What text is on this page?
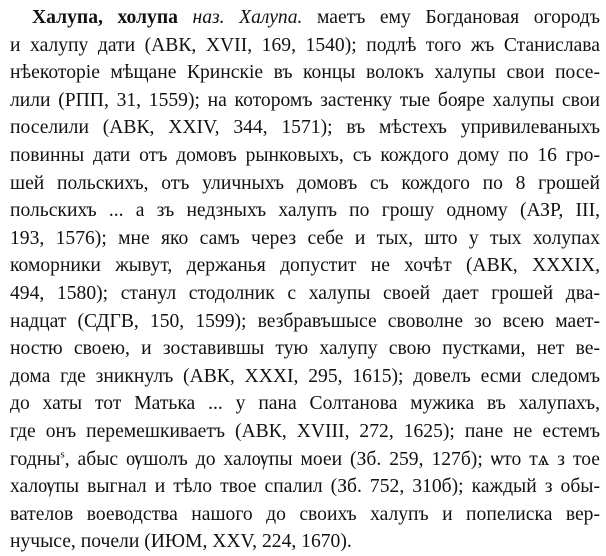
Халупа, холупа наз. Халупа. маетъ ему Богдановая огородъ
и халупу дати (АВК, XVII, 169, 1540); подлѣ того жъ Станислава
нѣекоторіе мѣщане Кринскіе въ концы волокъ халупы свои посе-
лили (РПП, 31, 1559); на которомъ застенку тые бояре халупы свои
поселили (АВК, XXIV, 344, 1571); въ мѣстехъ упривилеваныхъ
повинны дати отъ домовъ рынковыхъ, съ кождого дому по 16 гро-
шей польскихъ, отъ уличныхъ домовъ съ кождого по 8 грошей
польскихъ ... а зъ недзныхъ халупъ по грошу одному (АЗР, III,
193, 1576); мне яко самъ через себе и тых, што у тых холупах
коморники жывут, держанья допустит не хочѣт (АВК, XXXIX,
494, 1580); станул стодолник с халупы своей дает грошей два-
надцат (СДГВ, 150, 1599); везбравъшысе своволне зо всею мает-
ностю своею, и зоставившы тую халупу свою пустками, нет ве-
дома где зникнулъ (АВК, XXXI, 295, 1615); довелъ есми следомъ
до хаты тот Матька ... у пана Солтанова мужика въ халупахъ,
где онъ перемешкиваетъ (АВК, XVIII, 272, 1625); пане не естемъ
годны$^s$, абыс ѹшолъ до халѹпы моеи (Зб. 259, 127б); ѡто тѧ з тое
халѹпы выгнал и тѣло твое спалил (Зб. 752, 310б); каждый з обы-
вателов воеводства нашого до своихъ халупъ и попелиска вер-
нучысе, почели (ИЮМ, XXV, 224, 1670).
